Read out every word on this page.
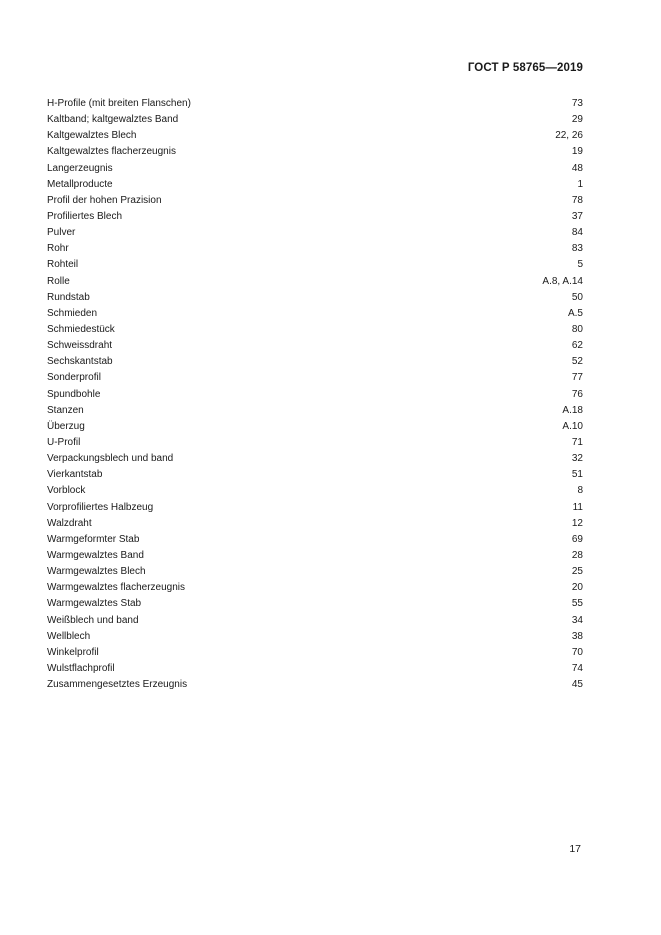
ГОСТ Р 58765—2019
H-Profile (mit breiten Flanschen)	73
Kaltband; kaltgewalztes Band	29
Kaltgewalztes Blech	22, 26
Kaltgewalztes flacherzeugnis	19
Langerzeugnis	48
Metallproducte	1
Profil der hohen Prazision	78
Profiliertes Blech	37
Pulver	84
Rohr	83
Rohteil	5
Rolle	A.8, A.14
Rundstab	50
Schmieden	A.5
Schmiedestück	80
Schweissdraht	62
Sechskantstab	52
Sonderprofil	77
Spundbohle	76
Stanzen	A.18
Überzug	A.10
U-Profil	71
Verpackungsblech und band	32
Vierkantstab	51
Vorblock	8
Vorprofiliertes Halbzeug	11
Walzdraht	12
Warmgeformter Stab	69
Warmgewalztes Band	28
Warmgewalztes Blech	25
Warmgewalztes flacherzeugnis	20
Warmgewalztes Stab	55
Weißblech und band	34
Wellblech	38
Winkelprofil	70
Wulstflachprofil	74
Zusammengesetztes Erzeugnis	45
17
